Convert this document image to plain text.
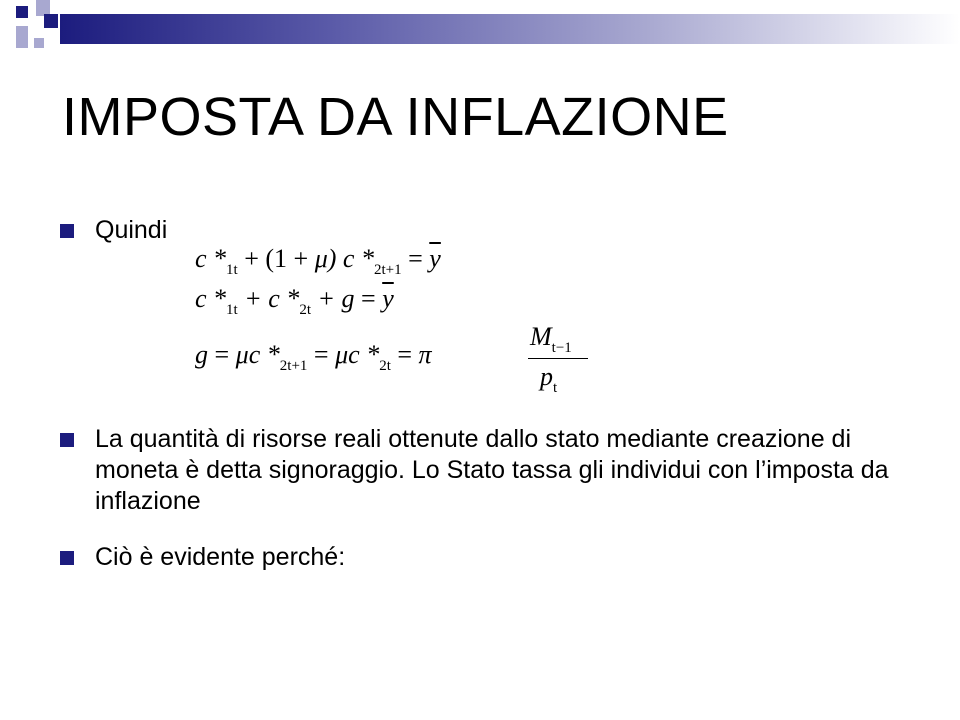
IMPOSTA DA INFLAZIONE
Quindi
c $*_{1t} + (1 + \mu)$ c $*_{2t+1} = \overline{y}$
c $*_{1t} + c$ $*_{2t} + g = \overline{y}$
g = μc $*_{2t+1} = \mu c$ $*_{2t} = \pi$
$M_{t-1}$
$p_t$
La quantità di risorse reali ottenute dallo stato mediante creazione di moneta è detta signoraggio. Lo Stato tassa gli individui con l’imposta da inflazione
Ciò è evidente perché:
